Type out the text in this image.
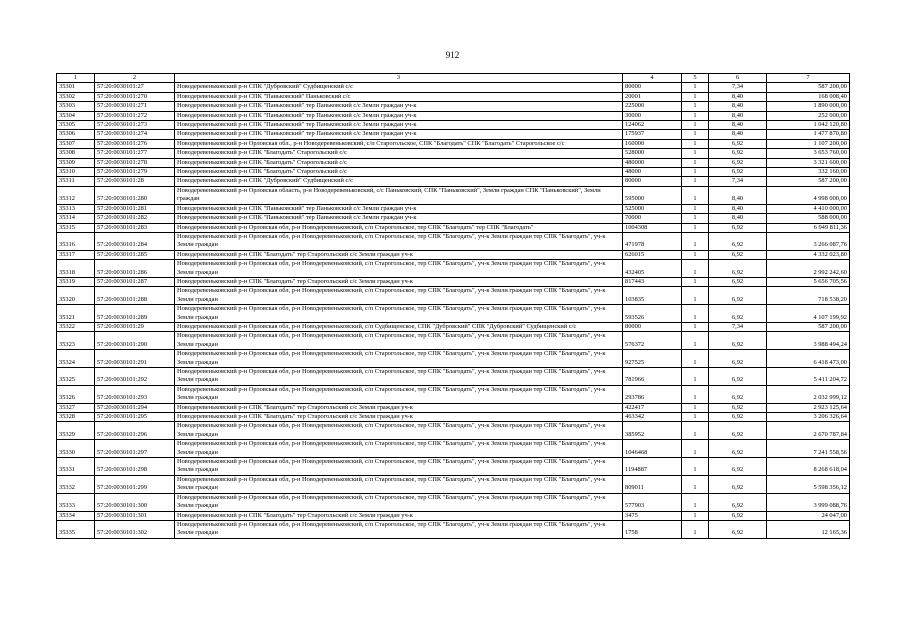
912
1	2	3	4	5	6	7
35301	57:20:0030101:27	Новодеревеньковский р-н СПК "Дубровский" Судбищенский с/с	80000	1	7,34	587 200,00
35302	57:20:0030101:270	Новодеревеньковский р-н СПК "Паньковский" Паньковский с/с	20001	1	8,40	168 008,40
35303	57:20:0030101:271	Новодеревеньковский р-н СПК "Паньковский" тер Паньковский с/с Земли граждан уч-к	225000	1	8,40	1 890 000,00
35304	57:20:0030101:272	Новодеревеньковский р-н СПК "Паньковский" тер Паньковский с/с Земли граждан уч-к	30000	1	8,40	252 000,00
35305	57:20:0030101:273	Новодеревеньковский р-н СПК "Паньковский" тер Паньковский с/с Земли граждан уч-к	124062	1	8,40	1 042 120,80
35306	57:20:0030101:274	Новодеревеньковский р-н СПК "Паньковский" тер Паньковский с/с Земли граждан уч-к	175937	1	8,40	1 477 870,80
35307	57:20:0030101:276	Новодеревеньковский р-н Орловская обл., р-н Новодеревеньковский, с/п Старогольское, СПК "Благодать" СПК "Благодать" Старогольское с/с	160000	1	6,92	1 107 200,00
35308	57:20:0030101:277	Новодеревеньковский р-н СПК "Благодать" Старогольский с/с	528000	1	6,92	3 653 760,00
35309	57:20:0030101:278	Новодеревеньковский р-н СПК "Благодать" Старогольский с/с	480000	1	6,92	3 321 600,00
35310	57:20:0030101:279	Новодеревеньковский р-н СПК "Благодать" Старогольский с/с	48000	1	6,92	332 160,00
35311	57:20:0030101:28	Новодеревеньковский р-н СПК "Дубровский" Судбищенский с/с	80000	1	7,34	587 200,00
35312	57:20:0030101:280	Новодеревеньковский р-н Орловская область, р-н Новодеревеньковский, с/с Паньковский, СПК "Паньковский", Земли граждан СПК "Паньковский", Земли граждан	595000	1	8,40	4 998 000,00
35313	57:20:0030101:281	Новодеревеньковский р-н СПК "Паньковский" тер Паньковский с/с Земли граждан уч-к	525000	1	8,40	4 410 000,00
35314	57:20:0030101:282	Новодеревеньковский р-н СПК "Паньковский" тер Паньковский с/с Земли граждан уч-к	70000	1	8,40	588 000,00
35315	57:20:0030101:283	Новодеревеньковский р-н Орловская обл, р-н Новодеревеньковский, с/п Старогольское, тер СПК "Благодать" тер СПК "Благодать"	1004308	1	6,92	6 949 811,36
35316	57:20:0030101:284	Новодеревеньковский р-н Орловская обл, р-н Новодеревеньковский, с/п Старогольское, тер СПК "Благодать", уч-к Земли граждан тер СПК "Благодать", уч-к Земли граждан	471978	1	6,92	3 266 087,76
35317	57:20:0030101:285	Новодеревеньковский р-н СПК "Благодать" тер Старогольский с/с Земли граждан уч-к	626015	1	6,92	4 332 023,80
35318	57:20:0030101:286	Новодеревеньковский р-н Орловская обл, р-н Новодеревеньковский, с/п Старогольское, тер СПК "Благодать", уч-к Земли граждан тер СПК "Благодать", уч-к Земли граждан	432405	1	6,92	2 992 242,60
35319	57:20:0030101:287	Новодеревеньковский р-н СПК "Благодать" тер Старогольский с/с Земли граждан уч-к	817443	1	6,92	5 656 705,56
35320	57:20:0030101:288	Новодеревеньковский р-н Орловская обл, р-н Новодеревеньковский, с/п Старогольское, тер СПК "Благодать", уч-к Земли граждан тер СПК "Благодать", уч-к Земли граждан	103835	1	6,92	718 538,20
35321	57:20:0030101:289	Новодеревеньковский р-н Орловская обл, р-н Новодеревеньковский, с/п Старогольское, тер СПК "Благодать", уч-к Земли граждан тер СПК "Благодать", уч-к Земли граждан	593526	1	6,92	4 107 199,92
35322	57:20:0030101:29	Новодеревеньковский р-н Орловская обл, р-н Новодеревеньковский, с/п Судбищенское, СПК "Дубровский" СПК "Дубровский" Судбищенский с/с	80000	1	7,34	587 200,00
35323	57:20:0030101:290	Новодеревеньковский р-н Орловская обл, р-н Новодеревеньковский, с/п Старогольское, тер СПК "Благодать", уч-к Земли граждан тер СПК "Благодать", уч-к Земли граждан	576372	1	6,92	3 988 494,24
35324	57:20:0030101:291	Новодеревеньковский р-н Орловская обл, р-н Новодеревеньковский, с/п Старогольское, тер СПК "Благодать", уч-к Земли граждан тер СПК "Благодать", уч-к Земли граждан	927525	1	6,92	6 418 473,00
35325	57:20:0030101:292	Новодеревеньковский р-н Орловская обл, р-н Новодеревеньковский, с/п Старогольское, тер СПК "Благодать", уч-к Земли граждан тер СПК "Благодать", уч-к Земли граждан	781966	1	6,92	5 411 204,72
35326	57:20:0030101:293	Новодеревеньковский р-н Орловская обл, р-н Новодеревеньковский, с/п Старогольское, тер СПК "Благодать", уч-к Земли граждан тер СПК "Благодать", уч-к Земли граждан	293786	1	6,92	2 032 999,12
35327	57:20:0030101:294	Новодеревеньковский р-н СПК "Благодать" тер Старогольский с/с Земли граждан уч-к	422417	1	6,92	2 923 125,64
35328	57:20:0030101:295	Новодеревеньковский р-н СПК "Благодать" тер Старогольский с/с Земли граждан уч-к	463342	1	6,92	3 206 326,64
35329	57:20:0030101:296	Новодеревеньковский р-н Орловская обл, р-н Новодеревеньковский, с/п Старогольское, тер СПК "Благодать", уч-к Земли граждан тер СПК "Благодать", уч-к Земли граждан	385952	1	6,92	2 670 787,84
35330	57:20:0030101:297	Новодеревеньковский р-н Орловская обл, р-н Новодеревеньковский, с/п Старогольское, тер СПК "Благодать", уч-к Земли граждан тер СПК "Благодать", уч-к Земли граждан	1046468	1	6,92	7 241 558,56
35331	57:20:0030101:298	Новодеревеньковский р-н Орловская обл, р-н Новодеревеньковский, с/п Старогольское, тер СПК "Благодать", уч-к Земли граждан тер СПК "Благодать", уч-к Земли граждан	1194887	1	6,92	8 268 618,04
35332	57:20:0030101:299	Новодеревеньковский р-н Орловская обл, р-н Новодеревеньковский, с/п Старогольское, тер СПК "Благодать", уч-к Земли граждан тер СПК "Благодать", уч-к Земли граждан	809011	1	6,92	5 598 356,12
35333	57:20:0030101:300	Новодеревеньковский р-н Орловская обл, р-н Новодеревеньковский, с/п Старогольское, тер СПК "Благодать", уч-к Земли граждан тер СПК "Благодать", уч-к Земли граждан	577903	1	6,92	3 999 088,76
35334	57:20:0030101:301	Новодеревеньковский р-н СПК "Благодать" тер Старогольский с/с Земли граждан уч-к	3475	1	6,92	24 047,00
35335	57:20:0030101:302	Новодеревеньковский р-н Орловская обл, р-н Новодеревеньковский, с/п Старогольское, тер СПК "Благодать", уч-к Земли граждан тер СПК "Благодать", уч-к Земли граждан	1758	1	6,92	12 165,36
